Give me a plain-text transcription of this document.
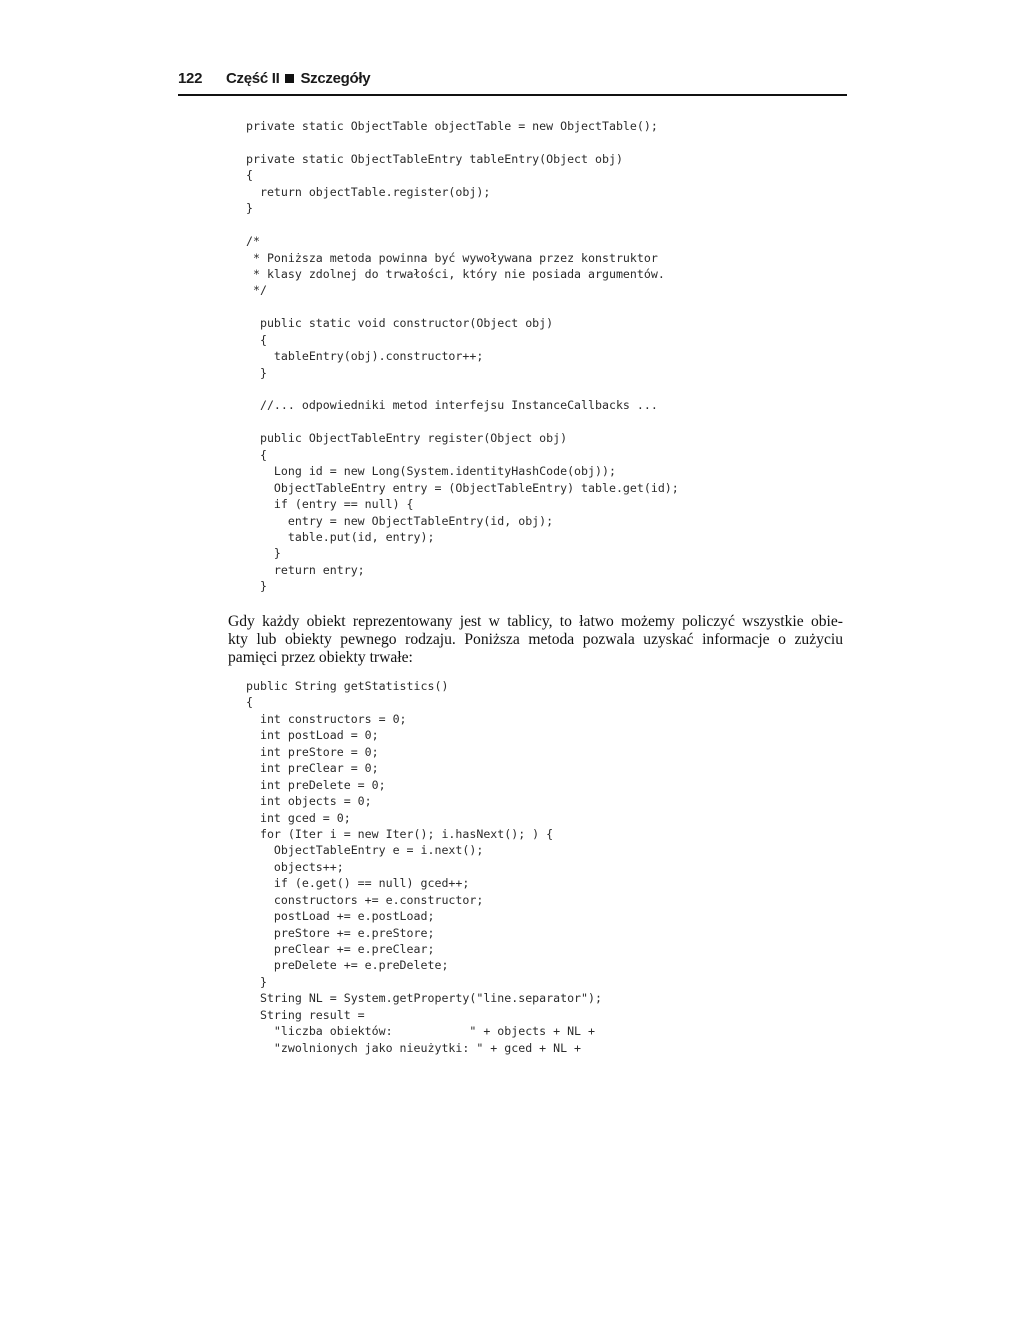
122 Część II Szczegóły
private static ObjectTable objectTable = new ObjectTable();
private static ObjectTableEntry tableEntry(Object obj)
{
return objectTable.register(obj);
}
/*
* Poniższa metoda powinna być wywoływana przez konstruktor
* klasy zdolnej do trwałości, który nie posiada argumentów.
*/
public static void constructor(Object obj)
{
tableEntry(obj).constructor++;
}
//... odpowiedniki metod interfejsu InstanceCallbacks ...
public ObjectTableEntry register(Object obj)
{
Long id = new Long(System.identityHashCode(obj));
ObjectTableEntry entry = (ObjectTableEntry) table.get(id);
if (entry == null) {
entry = new ObjectTableEntry(id, obj);
table.put(id, entry);
}
return entry;
}
Gdy każdy obiekt reprezentowany jest w tablicy, to łatwo możemy policzyć wszystkie obie-
kty lub obiekty pewnego rodzaju. Poniższa metoda pozwala uzyskać informacje o zużyciu
pamięci przez obiekty trwałe:
public String getStatistics()
{
int constructors = 0;
int postLoad = 0;
int preStore = 0;
int preClear = 0;
int preDelete = 0;
int objects = 0;
int gced = 0;
for (Iter i = new Iter(); i.hasNext(); ) {
ObjectTableEntry e = i.next();
objects++;
if (e.get() == null) gced++;
constructors += e.constructor;
postLoad += e.postLoad;
preStore += e.preStore;
preClear += e.preClear;
preDelete += e.preDelete;
}
String NL = System.getProperty("line.separator");
String result =
"liczba obiektów:           " + objects + NL +
"zwolnionych jako nieużytki: " + gced + NL +
